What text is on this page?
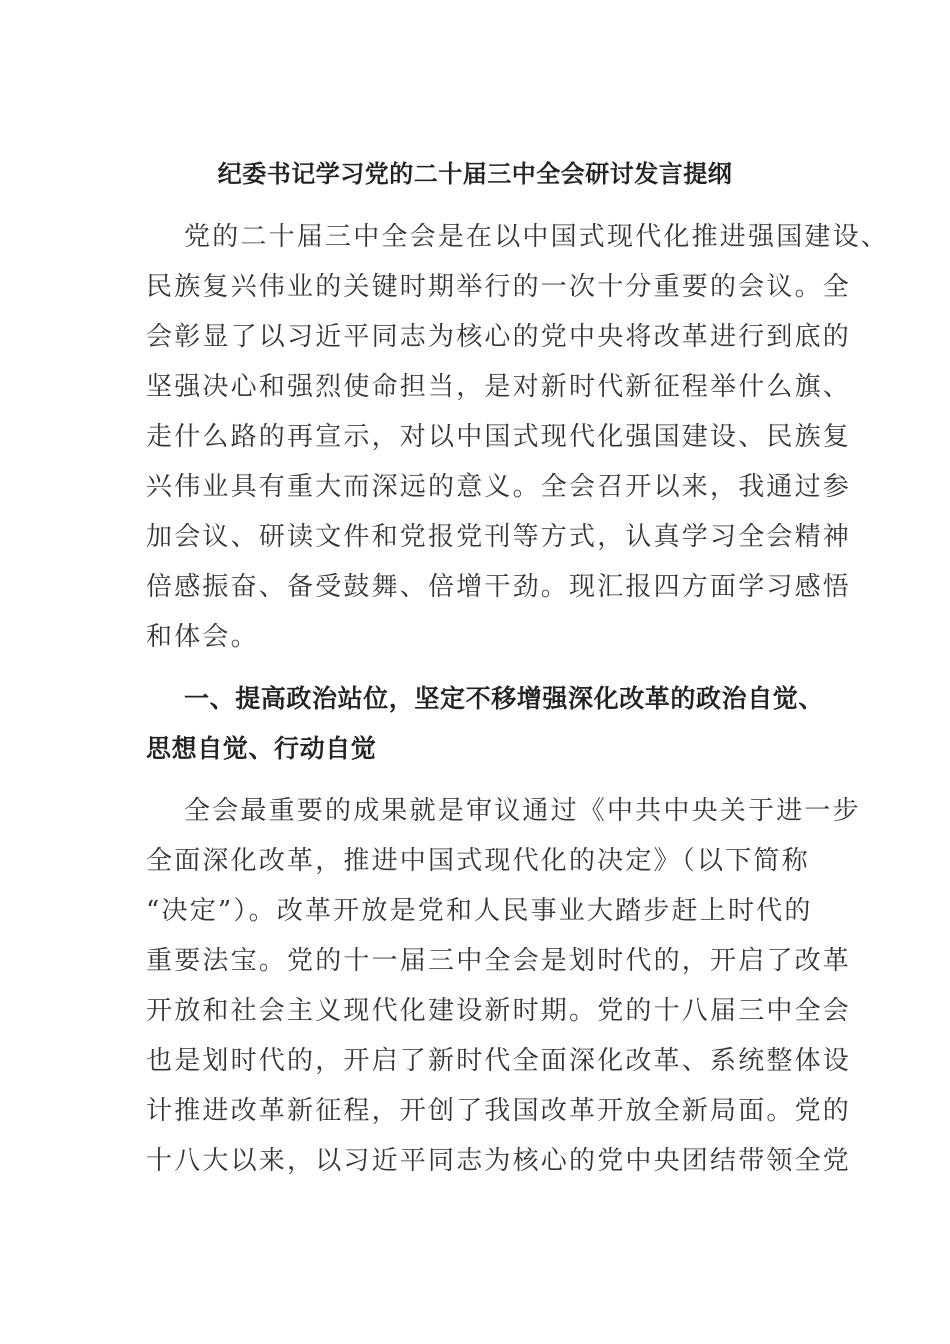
纪委书记学习党的二十届三中全会研讨发言提纲

党的二十届三中全会是在以中国式现代化推进强国建设、

民族复兴伟业的关键时期举行的一次十分重要的会议。全

会彰显了以习近平同志为核心的党中央将改革进行到底的

坚强决心和强烈使命担当，是对新时代新征程举什么旗、

走什么路的再宣示，对以中国式现代化强国建设、民族复

兴伟业具有重大而深远的意义。全会召开以来，我通过参

加会议、研读文件和党报党刊等方式，认真学习全会精神

倍感振奋、备受鼓舞、倍增干劲。现汇报四方面学习感悟

和体会。

一、提高政治站位，坚定不移增强深化改革的政治自觉、

思想自觉、行动自觉

全会最重要的成果就是审议通过《中共中央关于进一步

全面深化改革，推进中国式现代化的决定》（以下简称

“决定”）。改革开放是党和人民事业大踏步赶上时代的

重要法宝。党的十一届三中全会是划时代的，开启了改革

开放和社会主义现代化建设新时期。党的十八届三中全会

也是划时代的，开启了新时代全面深化改革、系统整体设

计推进改革新征程，开创了我国改革开放全新局面。党的

十八大以来，以习近平同志为核心的党中央团结带领全党
